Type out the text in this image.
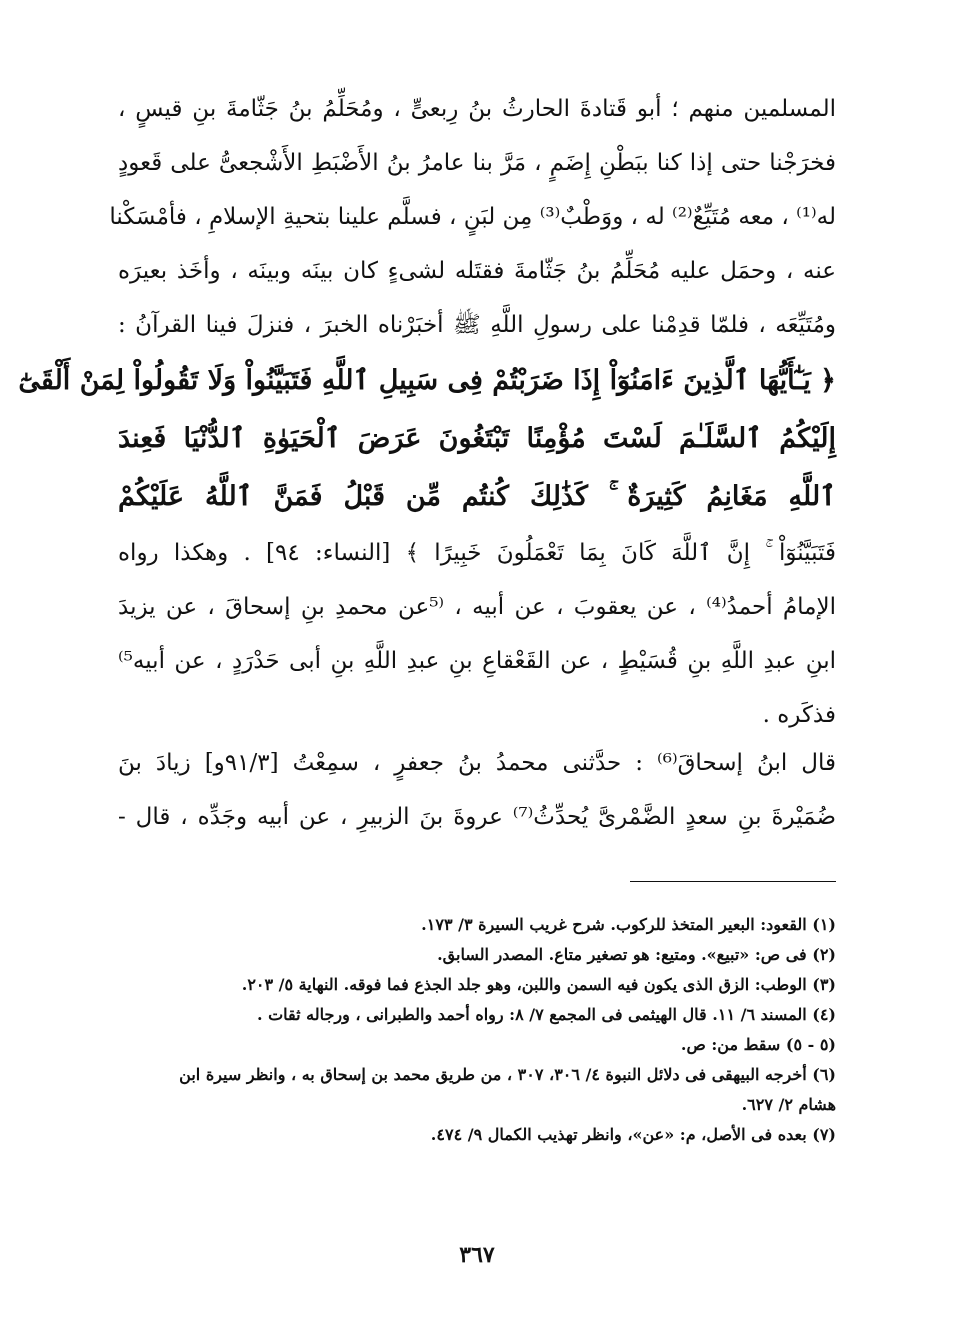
المسلمين منهم ؛ أبو قَتادةَ الحارثُ بنُ رِبعىٍّ ، ومُحَلِّمُ بنُ جَثّامةَ بنِ قيسٍ ،
فخرَجْنا حتى إذا كنا ببَطْنِ إِضَمٍ ، مَرَّ بنا عامرُ بنُ الأَضْبَطِ الأَشْجعىُّ على قَعودٍ
له⁽¹⁾ ، معه مُتَيِّعٌ⁽²⁾ له ، ووَطْبٌ⁽³⁾ مِن لبَنٍ ، فسلَّم علينا بتحيةِ الإسلامِ ، فأمْسَكْنا
عنه ، وحمَل عليه مُحَلِّمُ بنُ جَثّامةَ فقتَله لشىءٍ كان بينَه وبينَه ، وأخَذ بعيرَه
ومُتَيِّعَه ، فلمّا قدِمْنا على رسولِ اللَّهِ ﷺ أخبَرْناه الخبرَ ، فنزلَ فينا القرآنُ :
﴿ يَـٰٓأَيُّهَا ٱلَّذِينَ ءَامَنُوٓاْ إِذَا ضَرَبْتُمْ فِى سَبِيلِ ٱللَّهِ فَتَبَيَّنُواْ وَلَا تَقُولُواْ لِمَنْ أَلْقَىٰٓ
إِلَيْكُمُ ٱلسَّلَـٰمَ لَسْتَ مُؤْمِنًا تَبْتَغُونَ عَرَضَ ٱلْحَيَوٰةِ ٱلدُّنْيَا فَعِندَ
ٱللَّهِ مَغَانِمُ كَثِيرَةٌ ۚ كَذَٰلِكَ كُنتُم مِّن قَبْلُ فَمَنَّ ٱللَّهُ عَلَيْكُمْ
فَتَبَيَّنُوٓاْ ۚ إِنَّ ٱللَّهَ كَانَ بِمَا تَعْمَلُونَ خَبِيرًا ﴾ [النساء: ٩٤] . وهكذا رواه
الإمامُ أحمدُ⁽⁴⁾ ، عن يعقوبَ ، عن أبيه ، ⁽⁵عن محمدِ بنِ إسحاقَ ، عن يزيدَ
ابنِ عبدِ اللَّهِ بنِ قُسَيْطٍ ، عن القَعْقاعِ بنِ عبدِ اللَّهِ بنِ أبى حَدْرَدٍ ، عن أبيه⁵⁾
فذكَره .
قال ابنُ إسحاقَ⁽⁶⁾ : حدَّثنى محمدُ بنُ جعفرٍ ، سمِعْتُ [٩١/٣و] زيادَ بنَ
ضُمَيْرةَ بنِ سعدٍ الضَّمْرىَّ يُحدِّثُ⁽⁷⁾ عروةَ بنَ الزبيرِ ، عن أبيه وجَدِّه ، قال -
(١) القعود: البعير المتخذ للركوب. شرح غريب السيرة ٣/ ١٧٣.
(٢) فى ص: «تبيع». ومتيع: هو تصغير متاع. المصدر السابق.
(٣) الوطب: الزق الذى يكون فيه السمن واللبن، وهو جلد الجذع فما فوقه. النهاية ٥/ ٢٠٣.
(٤) المسند ٦/ ١١. قال الهيثمى فى المجمع ٧/ ٨: رواه أحمد والطبرانى ، ورجاله ثقات .
(٥ - ٥) سقط من: ص.
(٦) أخرجه البيهقى فى دلائل النبوة ٤/ ٣٠٦، ٣٠٧ ، من طريق محمد بن إسحاق به ، وانظر سيرة ابن
هشام ٢/ ٦٢٧.
(٧) بعده فى الأصل، م: «عن»، وانظر تهذيب الكمال ٩/ ٤٧٤.
٣٦٧
